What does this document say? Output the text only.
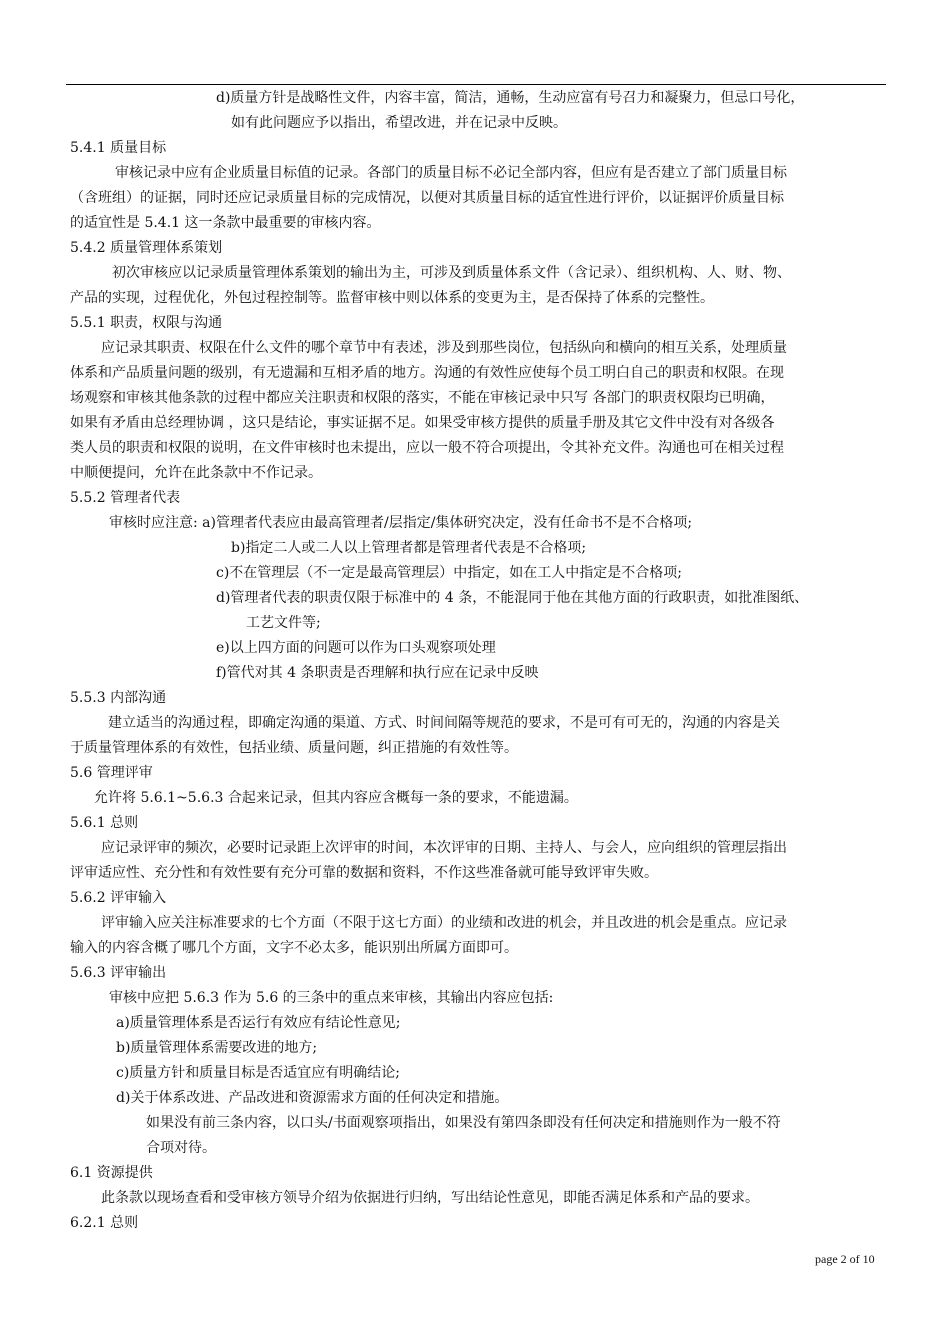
d)质量方针是战略性文件，内容丰富，简洁，通畅，生动应富有号召力和凝聚力，但忌口号化，
如有此问题应予以指出，希望改进，并在记录中反映。
5.4.1 质量目标
审核记录中应有企业质量目标值的记录。各部门的质量目标不必记全部内容，但应有是否建立了部门质量目标
（含班组）的证据，同时还应记录质量目标的完成情况，以便对其质量目标的适宜性进行评价，以证据评价质量目标
的适宜性是 5.4.1 这一条款中最重要的审核内容。
5.4.2 质量管理体系策划
初次审核应以记录质量管理体系策划的输出为主，可涉及到质量体系文件（含记录）、组织机构、人、财、物、
产品的实现，过程优化，外包过程控制等。监督审核中则以体系的变更为主，是否保持了体系的完整性。
5.5.1 职责，权限与沟通
应记录其职责、权限在什么文件的哪个章节中有表述，涉及到那些岗位，包括纵向和横向的相互关系，处理质量
体系和产品质量问题的级别，有无遗漏和互相矛盾的地方。沟通的有效性应使每个员工明白自己的职责和权限。在现
场观察和审核其他条款的过程中都应关注职责和权限的落实，不能在审核记录中只写 各部门的职责权限均已明确，
如果有矛盾由总经理协调 ，这只是结论，事实证据不足。如果受审核方提供的质量手册及其它文件中没有对各级各
类人员的职责和权限的说明，在文件审核时也未提出，应以一般不符合项提出，令其补充文件。沟通也可在相关过程
中顺便提问，允许在此条款中不作记录。
5.5.2 管理者代表
审核时应注意: a)管理者代表应由最高管理者/层指定/集体研究决定，没有任命书不是不合格项;
b)指定二人或二人以上管理者都是管理者代表是不合格项;
c)不在管理层（不一定是最高管理层）中指定，如在工人中指定是不合格项;
d)管理者代表的职责仅限于标准中的 4 条，不能混同于他在其他方面的行政职责，如批准图纸、
工艺文件等;
e)以上四方面的问题可以作为口头观察项处理
f)管代对其 4 条职责是否理解和执行应在记录中反映
5.5.3 内部沟通
建立适当的沟通过程，即确定沟通的渠道、方式、时间间隔等规范的要求，不是可有可无的，沟通的内容是关
于质量管理体系的有效性，包括业绩、质量问题，纠正措施的有效性等。
5.6 管理评审
允许将 5.6.1~5.6.3 合起来记录，但其内容应含概每一条的要求，不能遗漏。
5.6.1 总则
应记录评审的频次，必要时记录距上次评审的时间，本次评审的日期、主持人、与会人，应向组织的管理层指出
评审适应性、充分性和有效性要有充分可靠的数据和资料，不作这些准备就可能导致评审失败。
5.6.2 评审输入
评审输入应关注标准要求的七个方面（不限于这七方面）的业绩和改进的机会，并且改进的机会是重点。应记录
输入的内容含概了哪几个方面，文字不必太多，能识别出所属方面即可。
5.6.3 评审输出
审核中应把 5.6.3 作为 5.6 的三条中的重点来审核，其输出内容应包括:
a)质量管理体系是否运行有效应有结论性意见;
b)质量管理体系需要改进的地方;
c)质量方针和质量目标是否适宜应有明确结论;
d)关于体系改进、产品改进和资源需求方面的任何决定和措施。
如果没有前三条内容，以口头/书面观察项指出，如果没有第四条即没有任何决定和措施则作为一般不符
合项对待。
6.1 资源提供
此条款以现场查看和受审核方领导介绍为依据进行归纳，写出结论性意见，即能否满足体系和产品的要求。
6.2.1 总则
page 2 of 10
